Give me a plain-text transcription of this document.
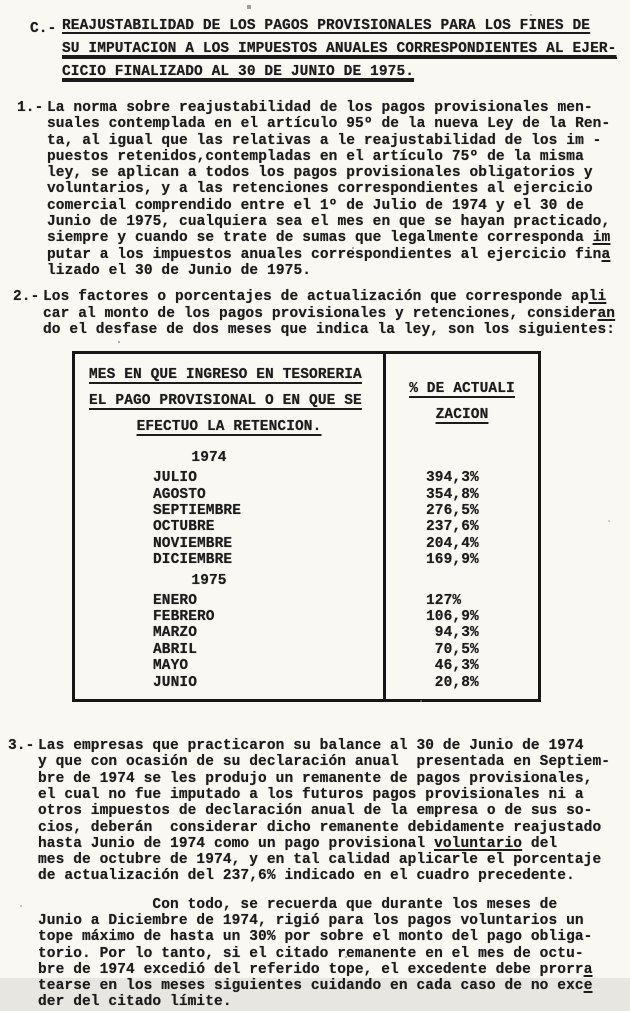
C.- REAJUSTABILIDAD DE LOS PAGOS PROVISIONALES PARA LOS FINES DE
SU IMPUTACION A LOS IMPUESTOS ANUALES CORRESPONDIENTES AL EJER-
CICIO FINALIZADO AL 30 DE JUNIO DE 1975.
1.- La norma sobre reajustabilidad de los pagos provisionales men-
suales contemplada en el artículo 95º de la nueva Ley de la Ren-
ta, al igual que las relativas a le reajustabilidad de los im -
puestos retenidos,contempladas en el artículo 75º de la misma
ley, se aplican a todos los pagos provisionales obligatorios y
voluntarios, y a las retenciones correspondientes al ejercicio
comercial comprendido entre el 1º de Julio de 1974 y el 30 de
Junio de 1975, cualquiera sea el mes en que se hayan practicado,
siempre y cuando se trate de sumas que legalmente corresponda im
putar a los impuestos anuales correspondientes al ejercicio fina
lizado el 30 de Junio de 1975.
2.- Los factores o porcentajes de actualización que corresponde apli
car al monto de los pagos provisionales y retenciones, consideran
do el desfase de dos meses que indica la ley, son los siguientes:
MES EN QUE INGRESO EN TESORERIA
EL PAGO PROVISIONAL O EN QUE SE
EFECTUO LA RETENCION.
% DE ACTUALI
ZACION
1974
JULIO	394,3%
AGOSTO	354,8%
SEPTIEMBRE	276,5%
OCTUBRE	237,6%
NOVIEMBRE	204,4%
DICIEMBRE	169,9%
1975
ENERO	127%
FEBRERO	106,9%
MARZO	94,3%
ABRIL	70,5%
MAYO	46,3%
JUNIO	20,8%
3.- Las empresas que practicaron su balance al 30 de Junio de 1974
y que con ocasión de su declaración anual  presentada en Septiem-
bre de 1974 se les produjo un remanente de pagos provisionales,
el cual no fue imputado a los futuros pagos provisionales ni a
otros impuestos de declaración anual de la empresa o de sus so-
cios, deberán  considerar dicho remanente debidamente reajustado
hasta Junio de 1974 como un pago provisional voluntario del
mes de octubre de 1974, y en tal calidad aplicarle el porcentaje
de actualización del 237,6% indicado en el cuadro precedente.
Con todo, se recuerda que durante los meses de
Junio a Diciembre de 1974, rigió para los pagos voluntarios un
tope máximo de hasta un 30% por sobre el monto del pago obliga-
torio. Por lo tanto, si el citado remanente en el mes de octu-
bre de 1974 excedió del referido tope, el excedente debe prorra
tearse en los meses siguientes cuidando en cada caso de no exce
der del citado límite.
